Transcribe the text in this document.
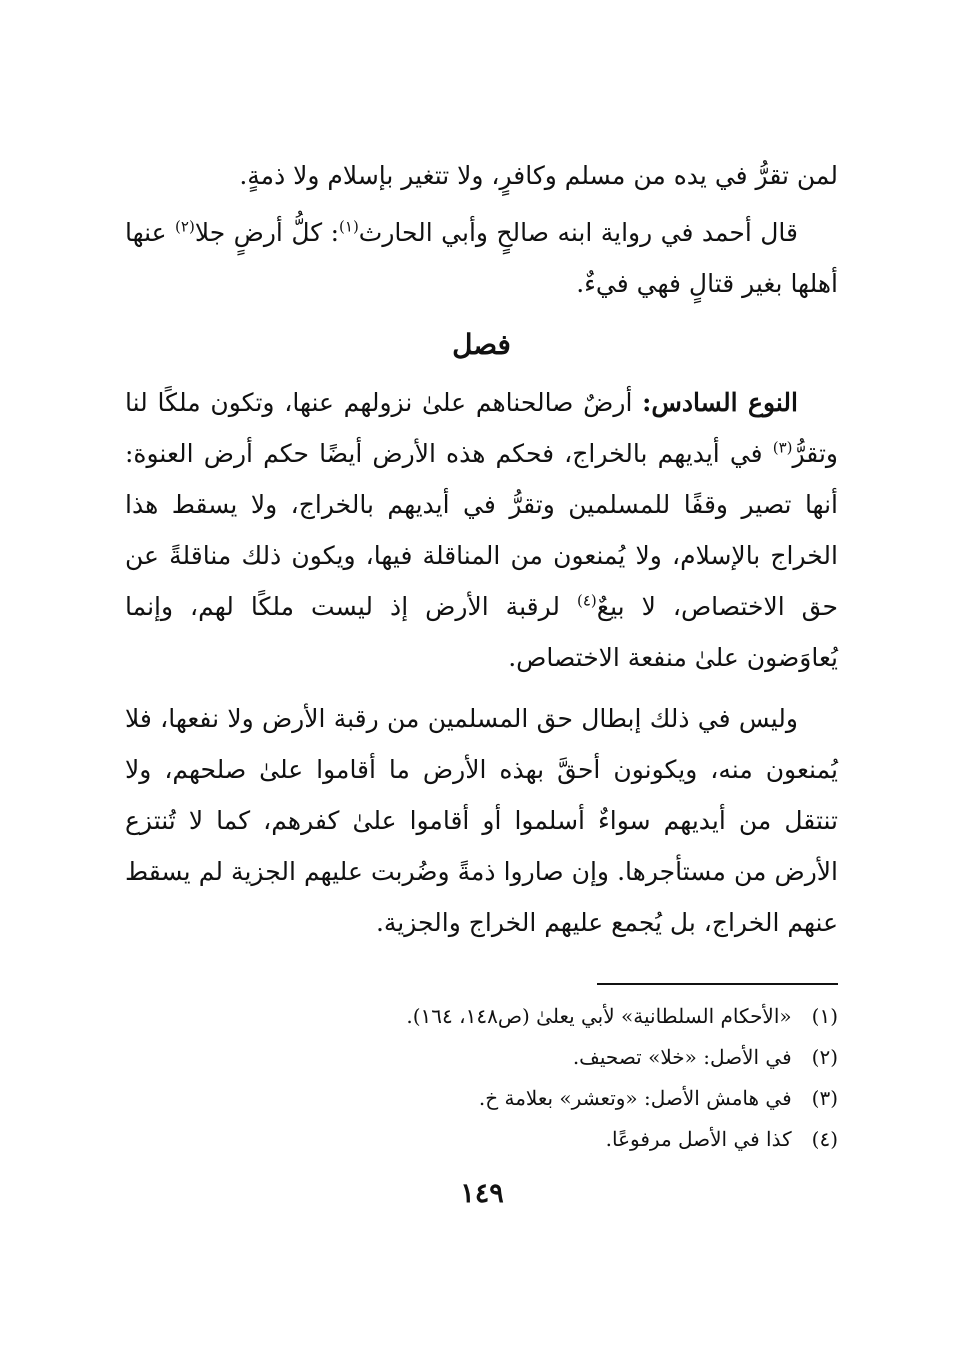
لمن تقرُّ في يده من مسلم وكافرٍ، ولا تتغير بإسلام ولا ذمةٍ.

قال أحمد في رواية ابنه صالحٍ وأبي الحارث$^{(١)}$: كلُّ أرضٍ جلا$^{(٢)}$ عنها أهلها بغير قتالٍ فهي فيءٌ.

فصل

النوع السادس: أرضٌ صالحناهم علىٰ نزولهم عنها، وتكون ملكًا لنا وتقرُّ$^{(٣)}$ في أيديهم بالخراج، فحكم هذه الأرض أيضًا حكم أرض العنوة: أنها تصير وقفًا للمسلمين وتقرُّ في أيديهم بالخراج، ولا يسقط هذا الخراج بالإسلام، ولا يُمنعون من المناقلة فيها، ويكون ذلك مناقلةً عن حق الاختصاص، لا بيعٌ$^{(٤)}$ لرقبة الأرض إذ ليست ملكًا لهم، وإنما يُعاوَضون علىٰ منفعة الاختصاص.

وليس في ذلك إبطال حق المسلمين من رقبة الأرض ولا نفعها، فلا يُمنعون منه، ويكونون أحقَّ بهذه الأرض ما أقاموا علىٰ صلحهم، ولا تنتقل من أيديهم سواءٌ أسلموا أو أقاموا علىٰ كفرهم، كما لا تُنتزع الأرض من مستأجرها. وإن صاروا ذمةً وضُربت عليهم الجزية لم يسقط عنهم الخراج، بل يُجمع عليهم الخراج والجزية.

(١) «الأحكام السلطانية» لأبي يعلىٰ (ص١٤٨، ١٦٤).
(٢) في الأصل: «خلا» تصحيف.
(٣) في هامش الأصل: «وتعشر» بعلامة خ.
(٤) كذا في الأصل مرفوعًا.
١٤٩
